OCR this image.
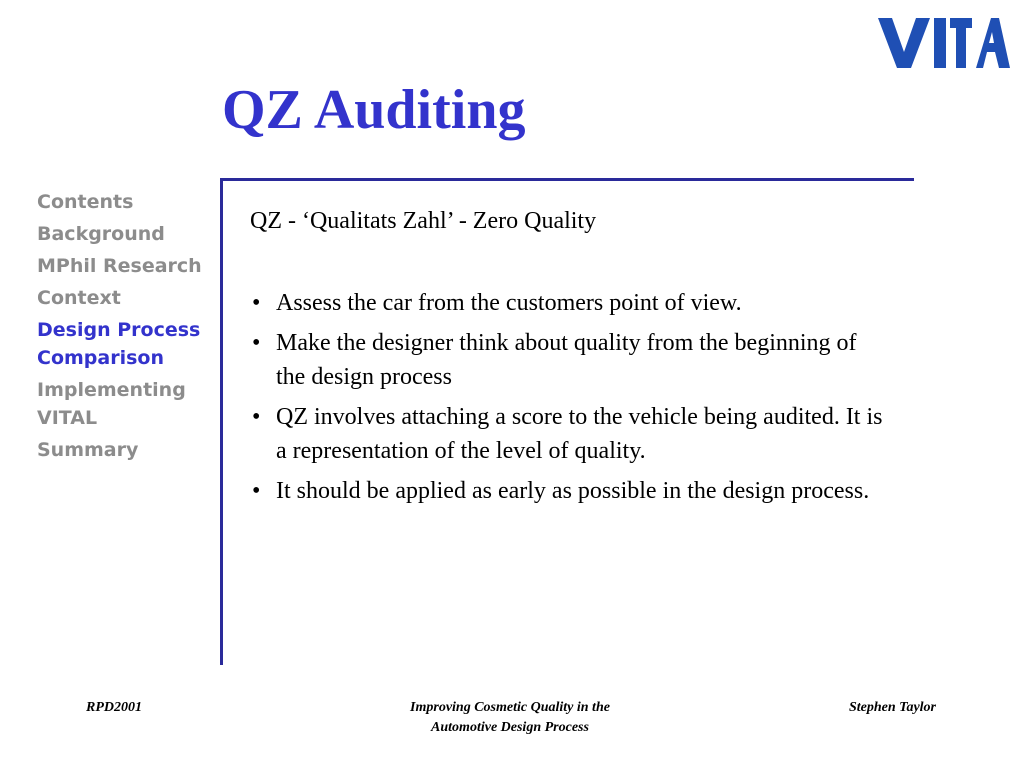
QZ Auditing
Contents
Background
MPhil Research
Context
Design Process
Comparison
Implementing
VITAL
Summary

QZ - ‘Qualitats Zahl’ - Zero Quality

• Assess the car from the customers point of view.
• Make the designer think about quality from the beginning of the design process
• QZ involves attaching a score to the vehicle being audited. It is a representation of the level of quality.
• It should be applied as early as possible in the design process.
RPD2001	Improving Cosmetic Quality in the
Automotive Design Process
Stephen Taylor
